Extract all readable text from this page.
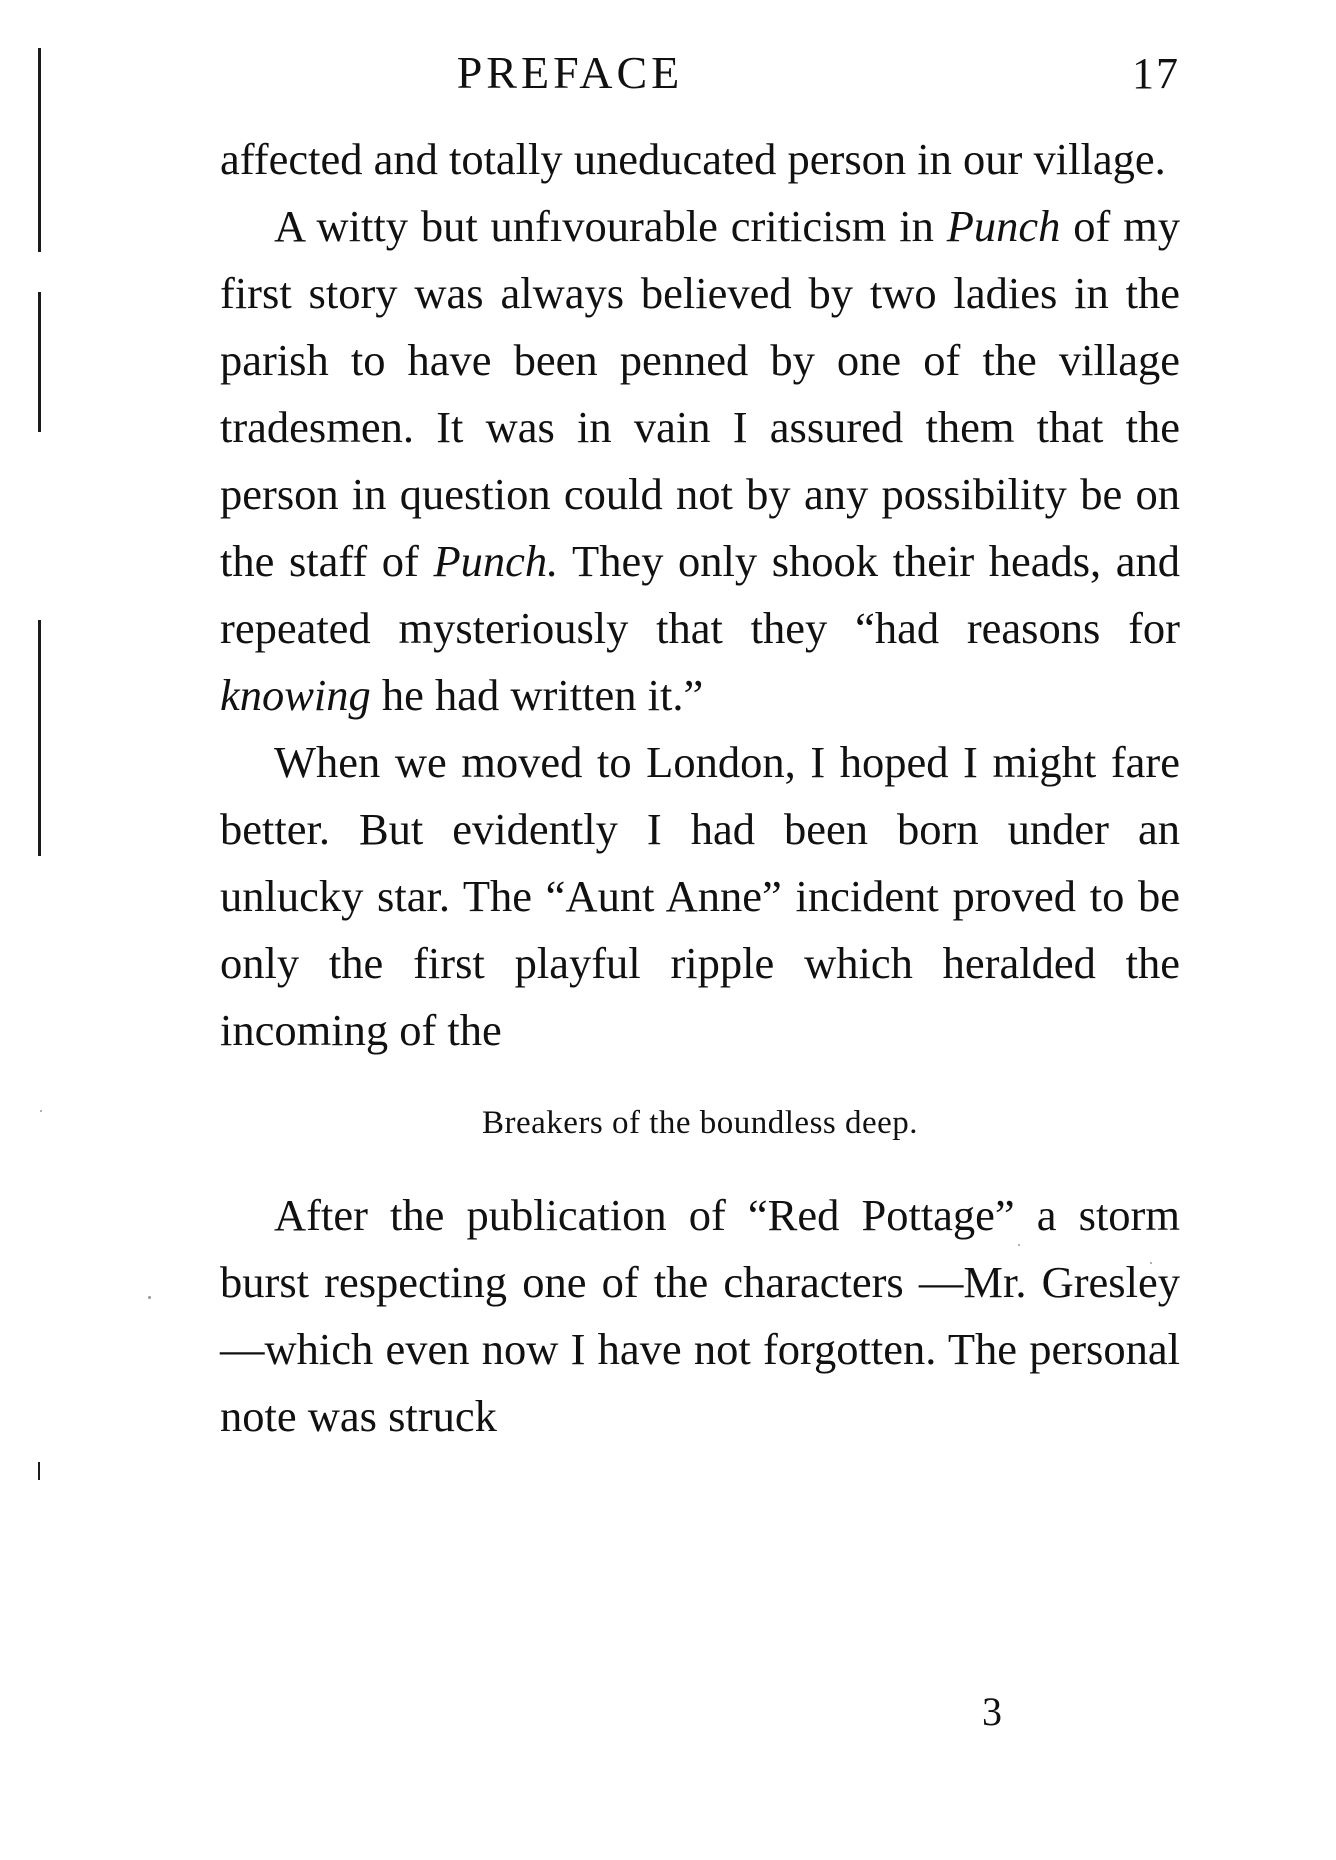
PREFACE	17

affected and totally uneducated person in our village.

A witty but unfıvourable criticism in Punch of my first story was always believed by two ladies in the parish to have been penned by one of the village tradesmen. It was in vain I assured them that the person in question could not by any possibility be on the staff of Punch. They only shook their heads, and repeated mysteriously that they “had reasons for knowing he had written it.”

When we moved to London, I hoped I might fare better. But evidently I had been born under an unlucky star. The “Aunt Anne” incident proved to be only the first playful ripple which heralded the incoming of the

Breakers of the boundless deep.

After the publication of “Red Pottage” a storm burst respecting one of the characters —Mr. Gresley—which even now I have not forgotten. The personal note was struck

3
